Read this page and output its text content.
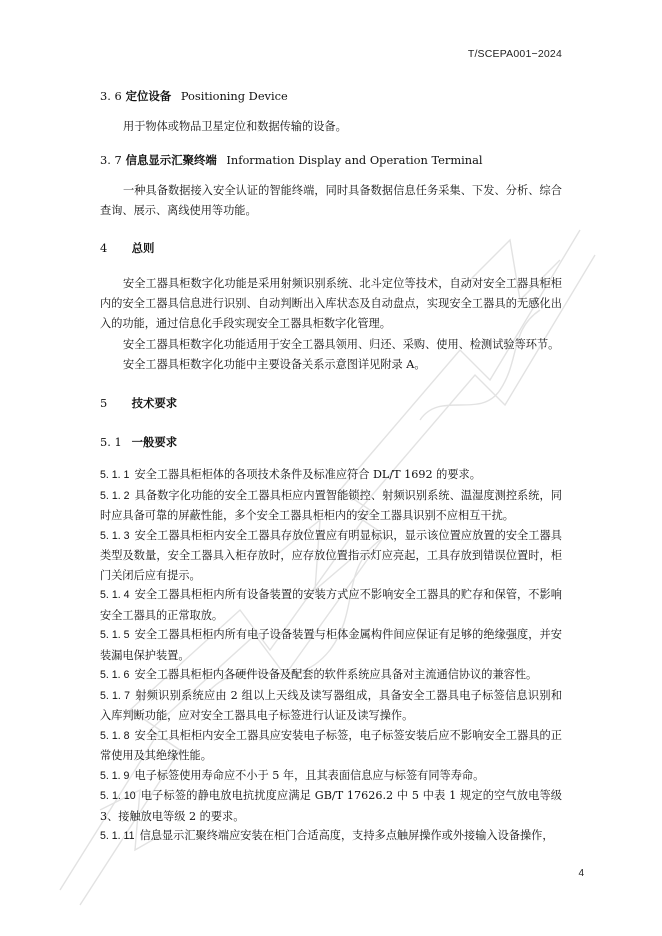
T/SCEPA001−2024
3. 6 定位设备 Positioning Device

用于物体或物品卫星定位和数据传输的设备。

3. 7 信息显示汇聚终端 Information Display and Operation Terminal

一种具备数据接入安全认证的智能终端，同时具备数据信息任务采集、下发、分析、综合查询、展示、离线使用等功能。

4 总则

安全工器具柜数字化功能是采用射频识别系统、北斗定位等技术，自动对安全工器具柜柜内的安全工器具信息进行识别、自动判断出入库状态及自动盘点，实现安全工器具的无感化出入的功能，通过信息化手段实现安全工器具柜数字化管理。

安全工器具柜数字化功能适用于安全工器具领用、归还、采购、使用、检测试验等环节。

安全工器具柜数字化功能中主要设备关系示意图详见附录 A。

5 技术要求
5. 1 一般要求

5. 1. 1 安全工器具柜柜体的各项技术条件及标准应符合 DL/T 1692 的要求。

5. 1. 2 具备数字化功能的安全工器具柜应内置智能锁控、射频识别系统、温湿度测控系统，同时应具备可靠的屏蔽性能，多个安全工器具柜柜内的安全工器具识别不应相互干扰。

5. 1. 3 安全工器具柜柜内安全工器具存放位置应有明显标识，显示该位置应放置的安全工器具类型及数量，安全工器具入柜存放时，应存放位置指示灯应亮起，工具存放到错误位置时，柜门关闭后应有提示。

5. 1. 4 安全工器具柜柜内所有设备装置的安装方式应不影响安全工器具的贮存和保管，不影响安全工器具的正常取放。

5. 1. 5 安全工器具柜柜内所有电子设备装置与柜体金属构件间应保证有足够的绝缘强度，并安装漏电保护装置。

5. 1. 6 安全工器具柜柜内各硬件设备及配套的软件系统应具备对主流通信协议的兼容性。

5. 1. 7 射频识别系统应由 2 组以上天线及读写器组成，具备安全工器具电子标签信息识别和入库判断功能，应对安全工器具电子标签进行认证及读写操作。

5. 1. 8 安全工具柜柜内安全工器具应安装电子标签，电子标签安装后应不影响安全工器具的正常使用及其绝缘性能。

5. 1. 9 电子标签使用寿命应不小于 5 年，且其表面信息应与标签有同等寿命。

5. 1. 10 电子标签的静电放电抗扰度应满足 GB/T 17626.2 中 5 中表 1 规定的空气放电等级3、接触放电等级 2 的要求。

5. 1. 11 信息显示汇聚终端应安装在柜门合适高度，支持多点触屏操作或外接输入设备操作，

4
